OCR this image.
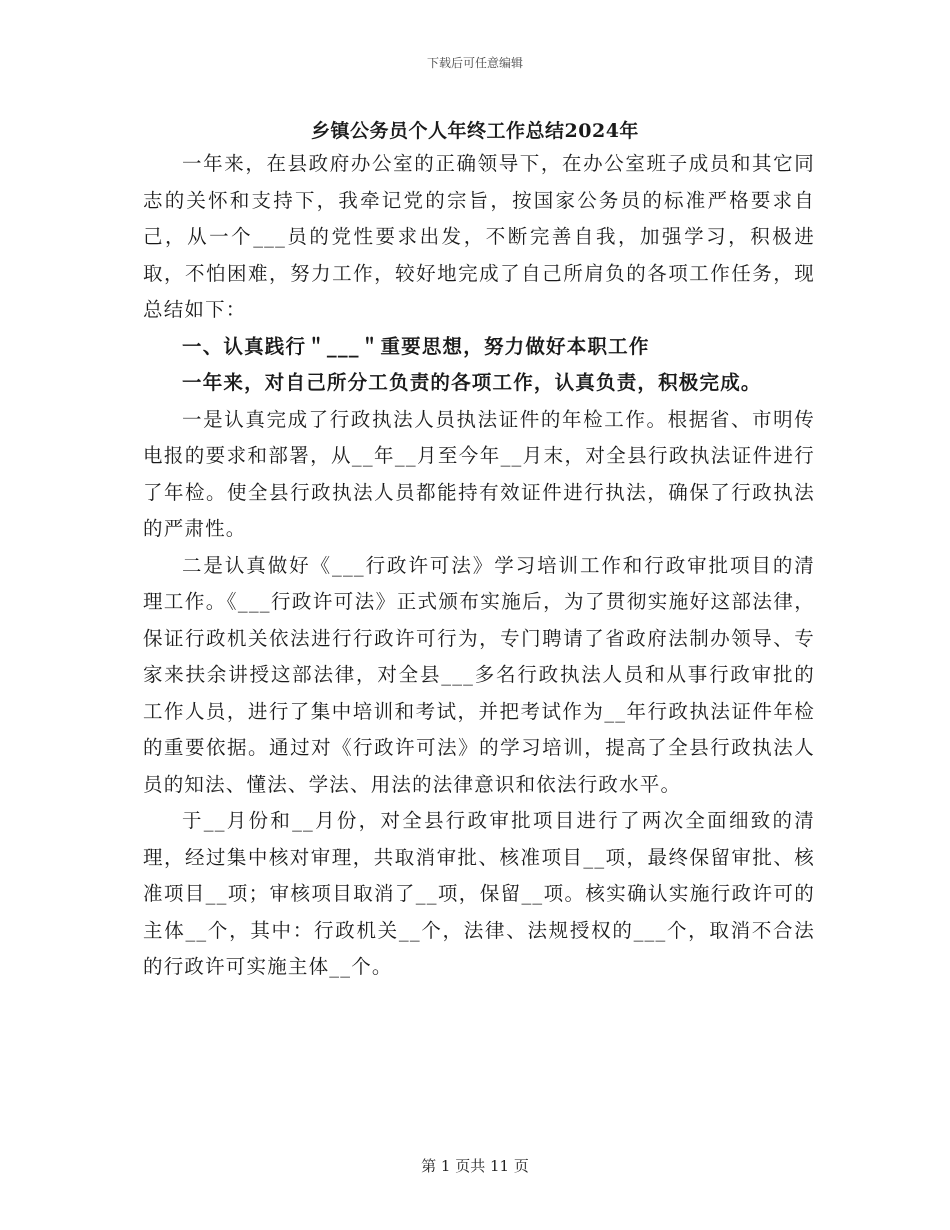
下载后可任意编辑
乡镇公务员个人年终工作总结2024年

一年来，在县政府办公室的正确领导下，在办公室班子成员和其它同志的关怀和支持下，我牵记党的宗旨，按国家公务员的标准严格要求自己，从一个___员的党性要求出发，不断完善自我，加强学习，积极进取，不怕困难，努力工作，较好地完成了自己所肩负的各项工作任务，现总结如下：

一、认真践行＂___＂重要思想，努力做好本职工作

一年来，对自己所分工负责的各项工作，认真负责，积极完成。

一是认真完成了行政执法人员执法证件的年检工作。根据省、市明传电报的要求和部署，从__年__月至今年__月末，对全县行政执法证件进行了年检。使全县行政执法人员都能持有效证件进行执法，确保了行政执法的严肃性。

二是认真做好《___行政许可法》学习培训工作和行政审批项目的清理工作。《___行政许可法》正式颁布实施后，为了贯彻实施好这部法律，保证行政机关依法进行行政许可行为，专门聘请了省政府法制办领导、专家来扶余讲授这部法律，对全县___多名行政执法人员和从事行政审批的工作人员，进行了集中培训和考试，并把考试作为__年行政执法证件年检的重要依据。通过对《行政许可法》的学习培训，提高了全县行政执法人员的知法、懂法、学法、用法的法律意识和依法行政水平。

于__月份和__月份，对全县行政审批项目进行了两次全面细致的清理，经过集中核对审理，共取消审批、核准项目__项，最终保留审批、核准项目__项；审核项目取消了__项，保留__项。核实确认实施行政许可的主体__个，其中：行政机关__个，法律、法规授权的___个，取消不合法的行政许可实施主体__个。

第 1 页共 11 页
